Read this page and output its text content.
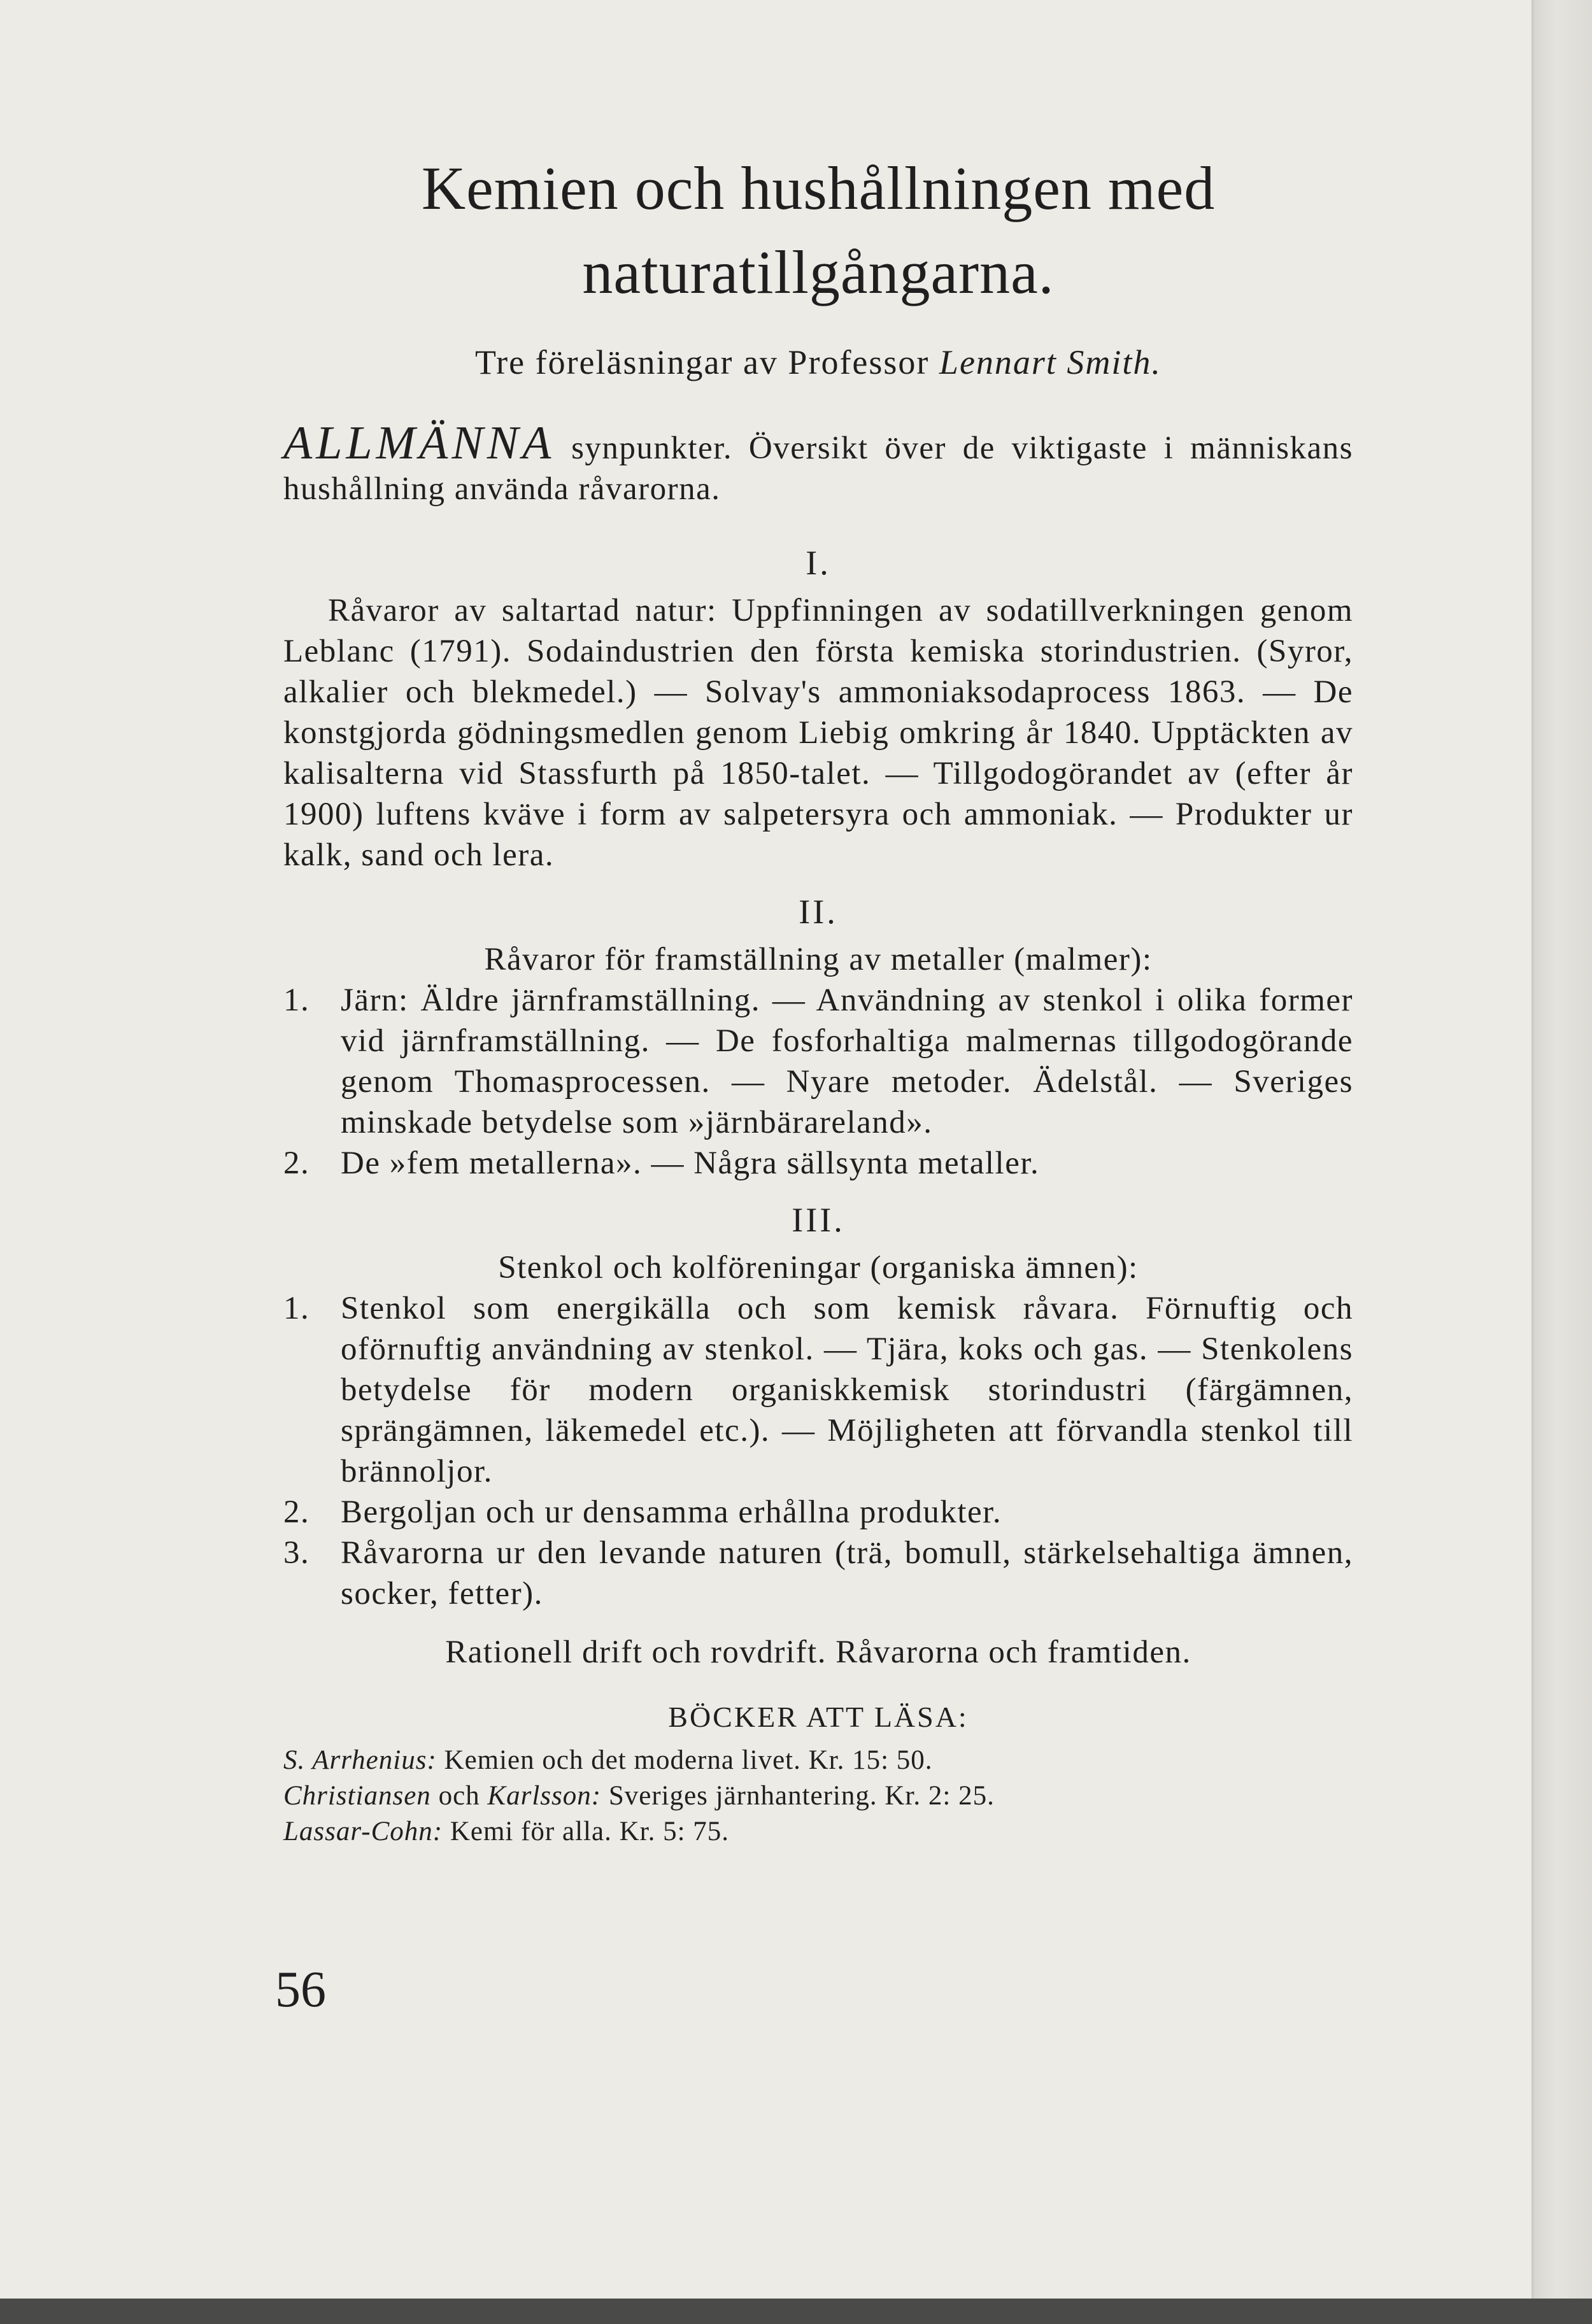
Kemien och hushållningen med
naturatillgångarna.
Tre föreläsningar av Professor Lennart Smith.

ALLMÄNNA synpunkter. Översikt över de viktigaste i människans hushållning använda råvarorna.

I.

Råvaror av saltartad natur: Uppfinningen av sodatillverkningen genom Leblanc (1791). Sodaindustrien den första kemiska storindustrien. (Syror, alkalier och blekmedel.) — Solvay's ammoniaksodaprocess 1863. — De konstgjorda gödningsmedlen genom Liebig omkring år 1840. Upptäckten av kalisalterna vid Stassfurth på 1850-talet. — Tillgodogörandet av (efter år 1900) luftens kväve i form av salpetersyra och ammoniak. — Produkter ur kalk, sand och lera.

II.

Råvaror för framställning av metaller (malmer):

1. Järn: Äldre järnframställning. — Användning av stenkol i olika former vid järnframställning. — De fosforhaltiga malmernas tillgodogörande genom Thomasprocessen. — Nyare metoder. Ädelstål. — Sveriges minskade betydelse som »järnbärareland».
2. De »fem metallerna». — Några sällsynta metaller.
III.

Stenkol och kolföreningar (organiska ämnen):

1. Stenkol som energikälla och som kemisk råvara. Förnuftig och oförnuftig användning av stenkol. — Tjära, koks och gas. — Stenkolens betydelse för modern organiskkemisk storindustri (färgämnen, sprängämnen, läkemedel etc.). — Möjligheten att förvandla stenkol till brännoljor.
2. Bergoljan och ur densamma erhållna produkter.
3. Råvarorna ur den levande naturen (trä, bomull, stärkelsehaltiga ämnen, socker, fetter).

Rationell drift och rovdrift. Råvarorna och framtiden.

BÖCKER ATT LÄSA:
S. Arrhenius: Kemien och det moderna livet. Kr. 15: 50.
Christiansen och Karlsson: Sveriges järnhantering. Kr. 2: 25.
Lassar-Cohn: Kemi för alla. Kr. 5: 75.
56
